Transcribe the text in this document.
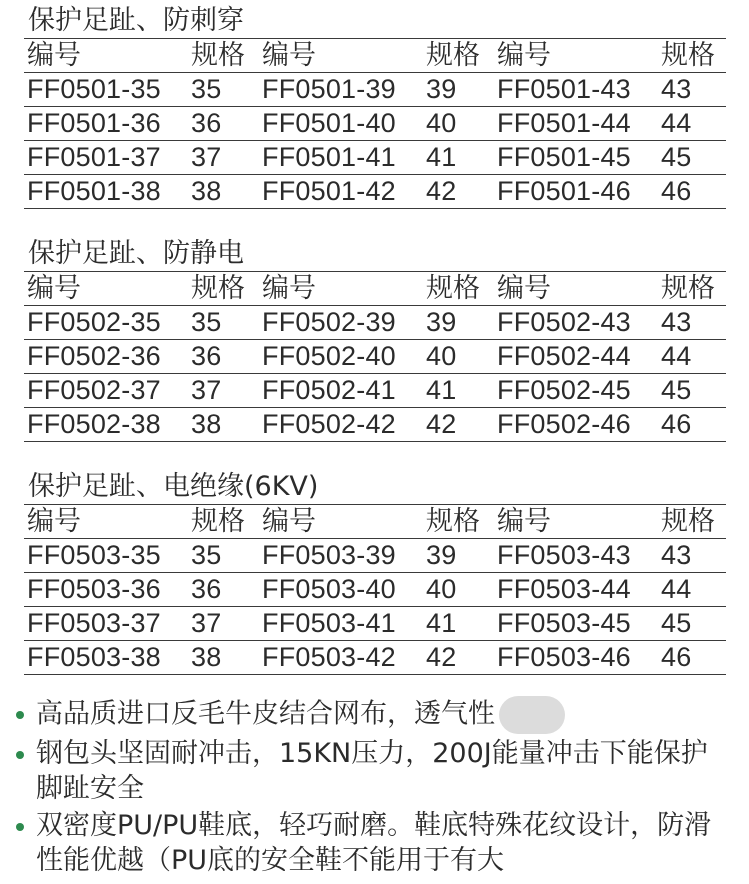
保护足趾、防刺穿
编号	规格	编号	规格	编号	规格
FF0501-35	35	FF0501-39	39	FF0501-43	43
FF0501-36	36	FF0501-40	40	FF0501-44	44
FF0501-37	37	FF0501-41	41	FF0501-45	45
FF0501-38	38	FF0501-42	42	FF0501-46	46
保护足趾、防静电
编号	规格	编号	规格	编号	规格
FF0502-35	35	FF0502-39	39	FF0502-43	43
FF0502-36	36	FF0502-40	40	FF0502-44	44
FF0502-37	37	FF0502-41	41	FF0502-45	45
FF0502-38	38	FF0502-42	42	FF0502-46	46
保护足趾、电绝缘(6KV)
编号	规格	编号	规格	编号	规格
FF0503-35	35	FF0503-39	39	FF0503-43	43
FF0503-36	36	FF0503-40	40	FF0503-44	44
FF0503-37	37	FF0503-41	41	FF0503-45	45
FF0503-38	38	FF0503-42	42	FF0503-46	46
高品质进口反毛牛皮结合网布，透气性
钢包头坚固耐冲击，15KN压力，200J能量冲击下能保护脚趾安全
双密度PU/PU鞋底，轻巧耐磨。鞋底特殊花纹设计，防滑性能优越（PU底的安全鞋不能用于有大
